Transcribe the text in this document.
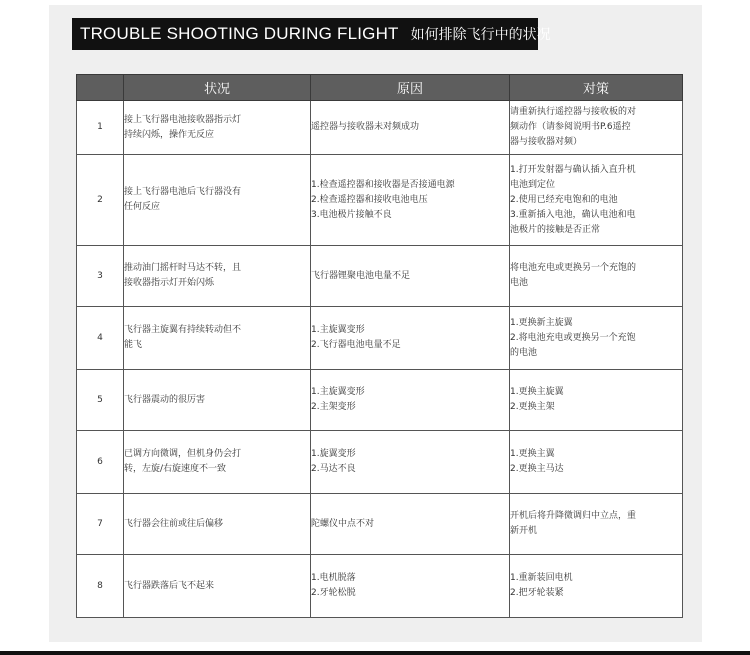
TROUBLE SHOOTING DURING FLIGHT 如何排除飞行中的状况
	状况	原因	对策
1	接上飞行器电池接收器指示灯
持续闪烁，操作无反应	遥控器与接收器未对频成功	请重新执行遥控器与接收板的对
频动作（请参阅说明书P.6遥控
器与接收器对频）

2	接上飞行器电池后飞行器没有
任何反应	1.检查遥控器和接收器是否接通电源
2.检查遥控器和接收电池电压
3.电池极片接触不良	1.打开发射器与确认插入直升机
电池到定位
2.使用已经充电饱和的电池
3.重新插入电池，确认电池和电
池极片的接触是否正常

3	推动油门摇杆时马达不转，且
接收器指示灯开始闪烁	飞行器锂聚电池电量不足	将电池充电或更换另一个充饱的
电池

4	飞行器主旋翼有持续转动但不
能飞	1.主旋翼变形
2.飞行器电池电量不足	1.更换新主旋翼
2.将电池充电或更换另一个充饱
的电池

5	飞行器震动的很厉害	1.主旋翼变形
2.主架变形	1.更换主旋翼
2.更换主架

6	已调方向微调，但机身仍会打
转，左旋/右旋速度不一致	1.旋翼变形
2.马达不良	1.更换主翼
2.更换主马达

7	飞行器会往前或往后偏移	陀螺仪中点不对	开机后将升降微调归中立点，重
新开机

8	飞行器跌落后飞不起来	1.电机脱落
2.牙轮松脱	1.重新装回电机
2.把牙轮装紧
